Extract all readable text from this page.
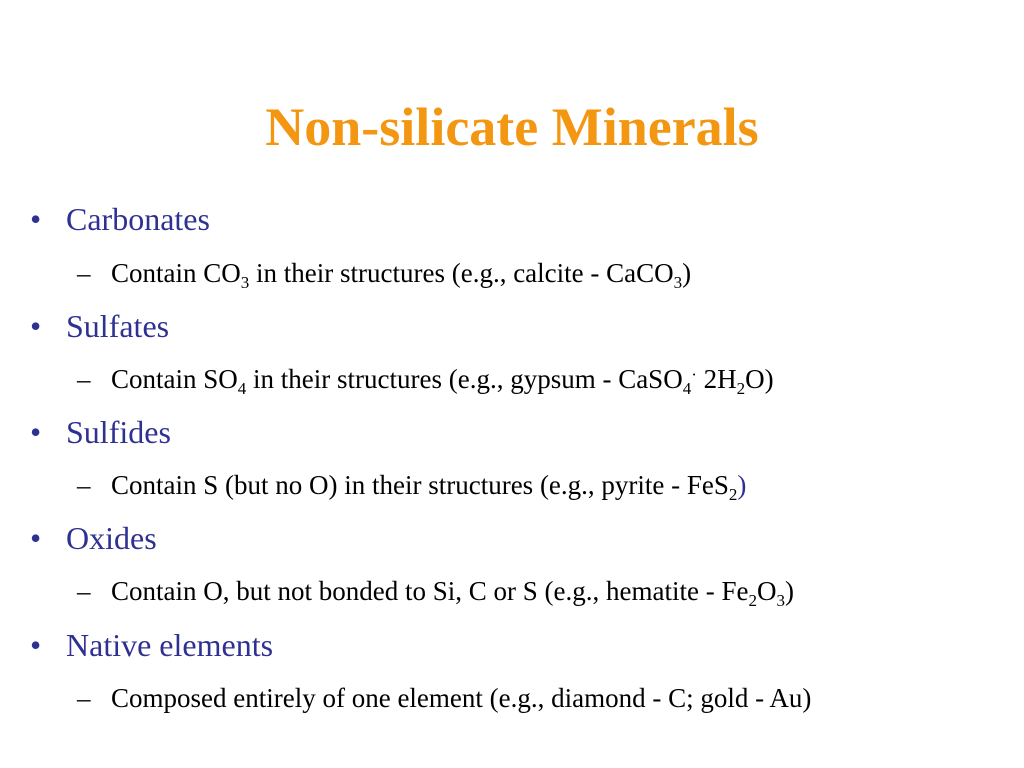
Non-silicate Minerals
• Carbonates
– Contain $CO_3$ in their structures (e.g., calcite - CaCO$_3$)
• Sulfates
– Contain $SO_4$ in their structures (e.g., gypsum - CaSO$_4$· $2H_2O$)
• Sulfides
– Contain S (but no O) in their structures (e.g., pyrite - FeS$_2$)
• Oxides
– Contain O, but not bonded to Si, C or S (e.g., hematite - $Fe_2O_3$)
• Native elements
– Composed entirely of one element (e.g., diamond - C; gold - Au)
